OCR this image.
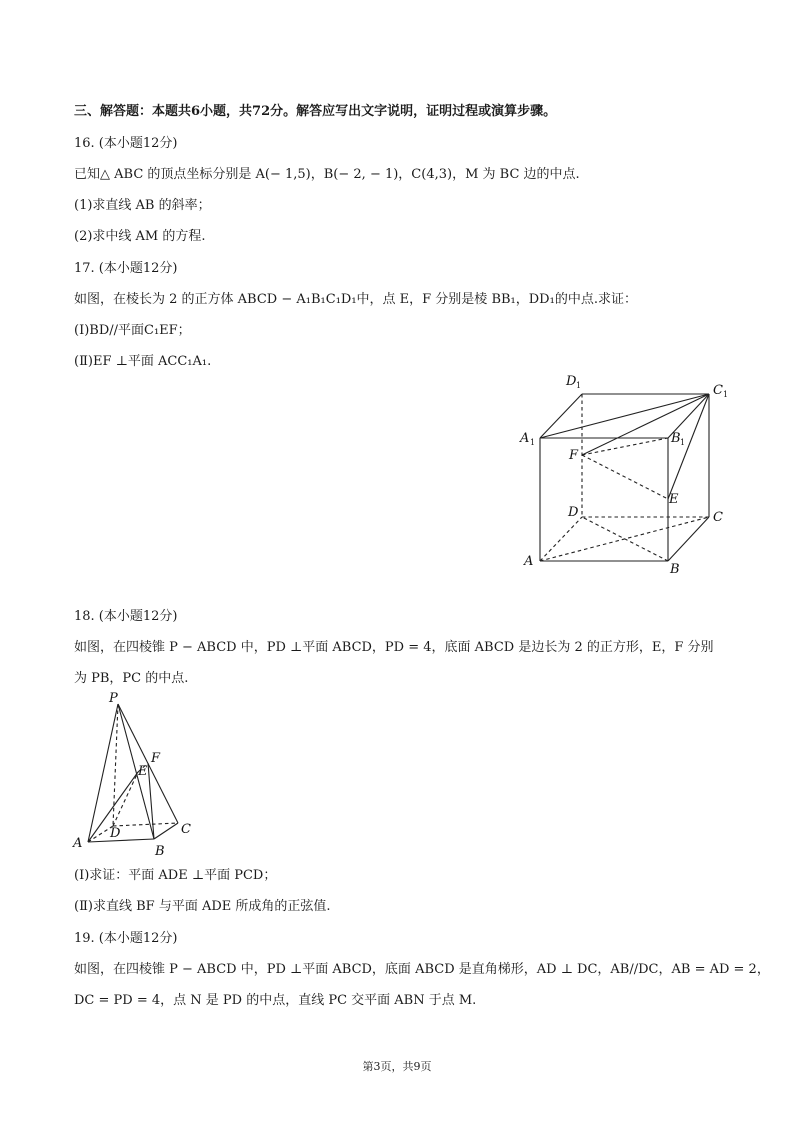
三、解答题：本题共6小题，共72分。解答应写出文字说明，证明过程或演算步骤。
16. (本小题12分)
已知△ ABC 的顶点坐标分别是 A(− 1,5)，B(− 2, − 1)，C(4,3)，M 为 BC 边的中点.
(1)求直线 AB 的斜率；
(2)求中线 AM 的方程.
17. (本小题12分)
如图，在棱长为 2 的正方体 ABCD − A₁B₁C₁D₁中，点 E，F 分别是棱 BB₁，DD₁的中点.求证：
(Ⅰ)BD//平面C₁EF；
(Ⅱ)EF ⊥平面 ACC₁A₁.
D 1	C 1
A 1	B 1
F
E
D	C
A
B
18. (本小题12分)
如图，在四棱锥 P − ABCD 中，PD ⊥平面 ABCD，PD = 4，底面 ABCD 是边长为 2 的正方形，E，F 分别
为 PB，PC 的中点.
P
F
E
A
D	C
B
(Ⅰ)求证：平面 ADE ⊥平面 PCD；
(Ⅱ)求直线 BF 与平面 ADE 所成角的正弦值.
19. (本小题12分)
如图，在四棱锥 P − ABCD 中，PD ⊥平面 ABCD，底面 ABCD 是直角梯形，AD ⊥ DC，AB//DC，AB = AD = 2，
DC = PD = 4，点 N 是 PD 的中点，直线 PC 交平面 ABN 于点 M.
第3页，共9页
